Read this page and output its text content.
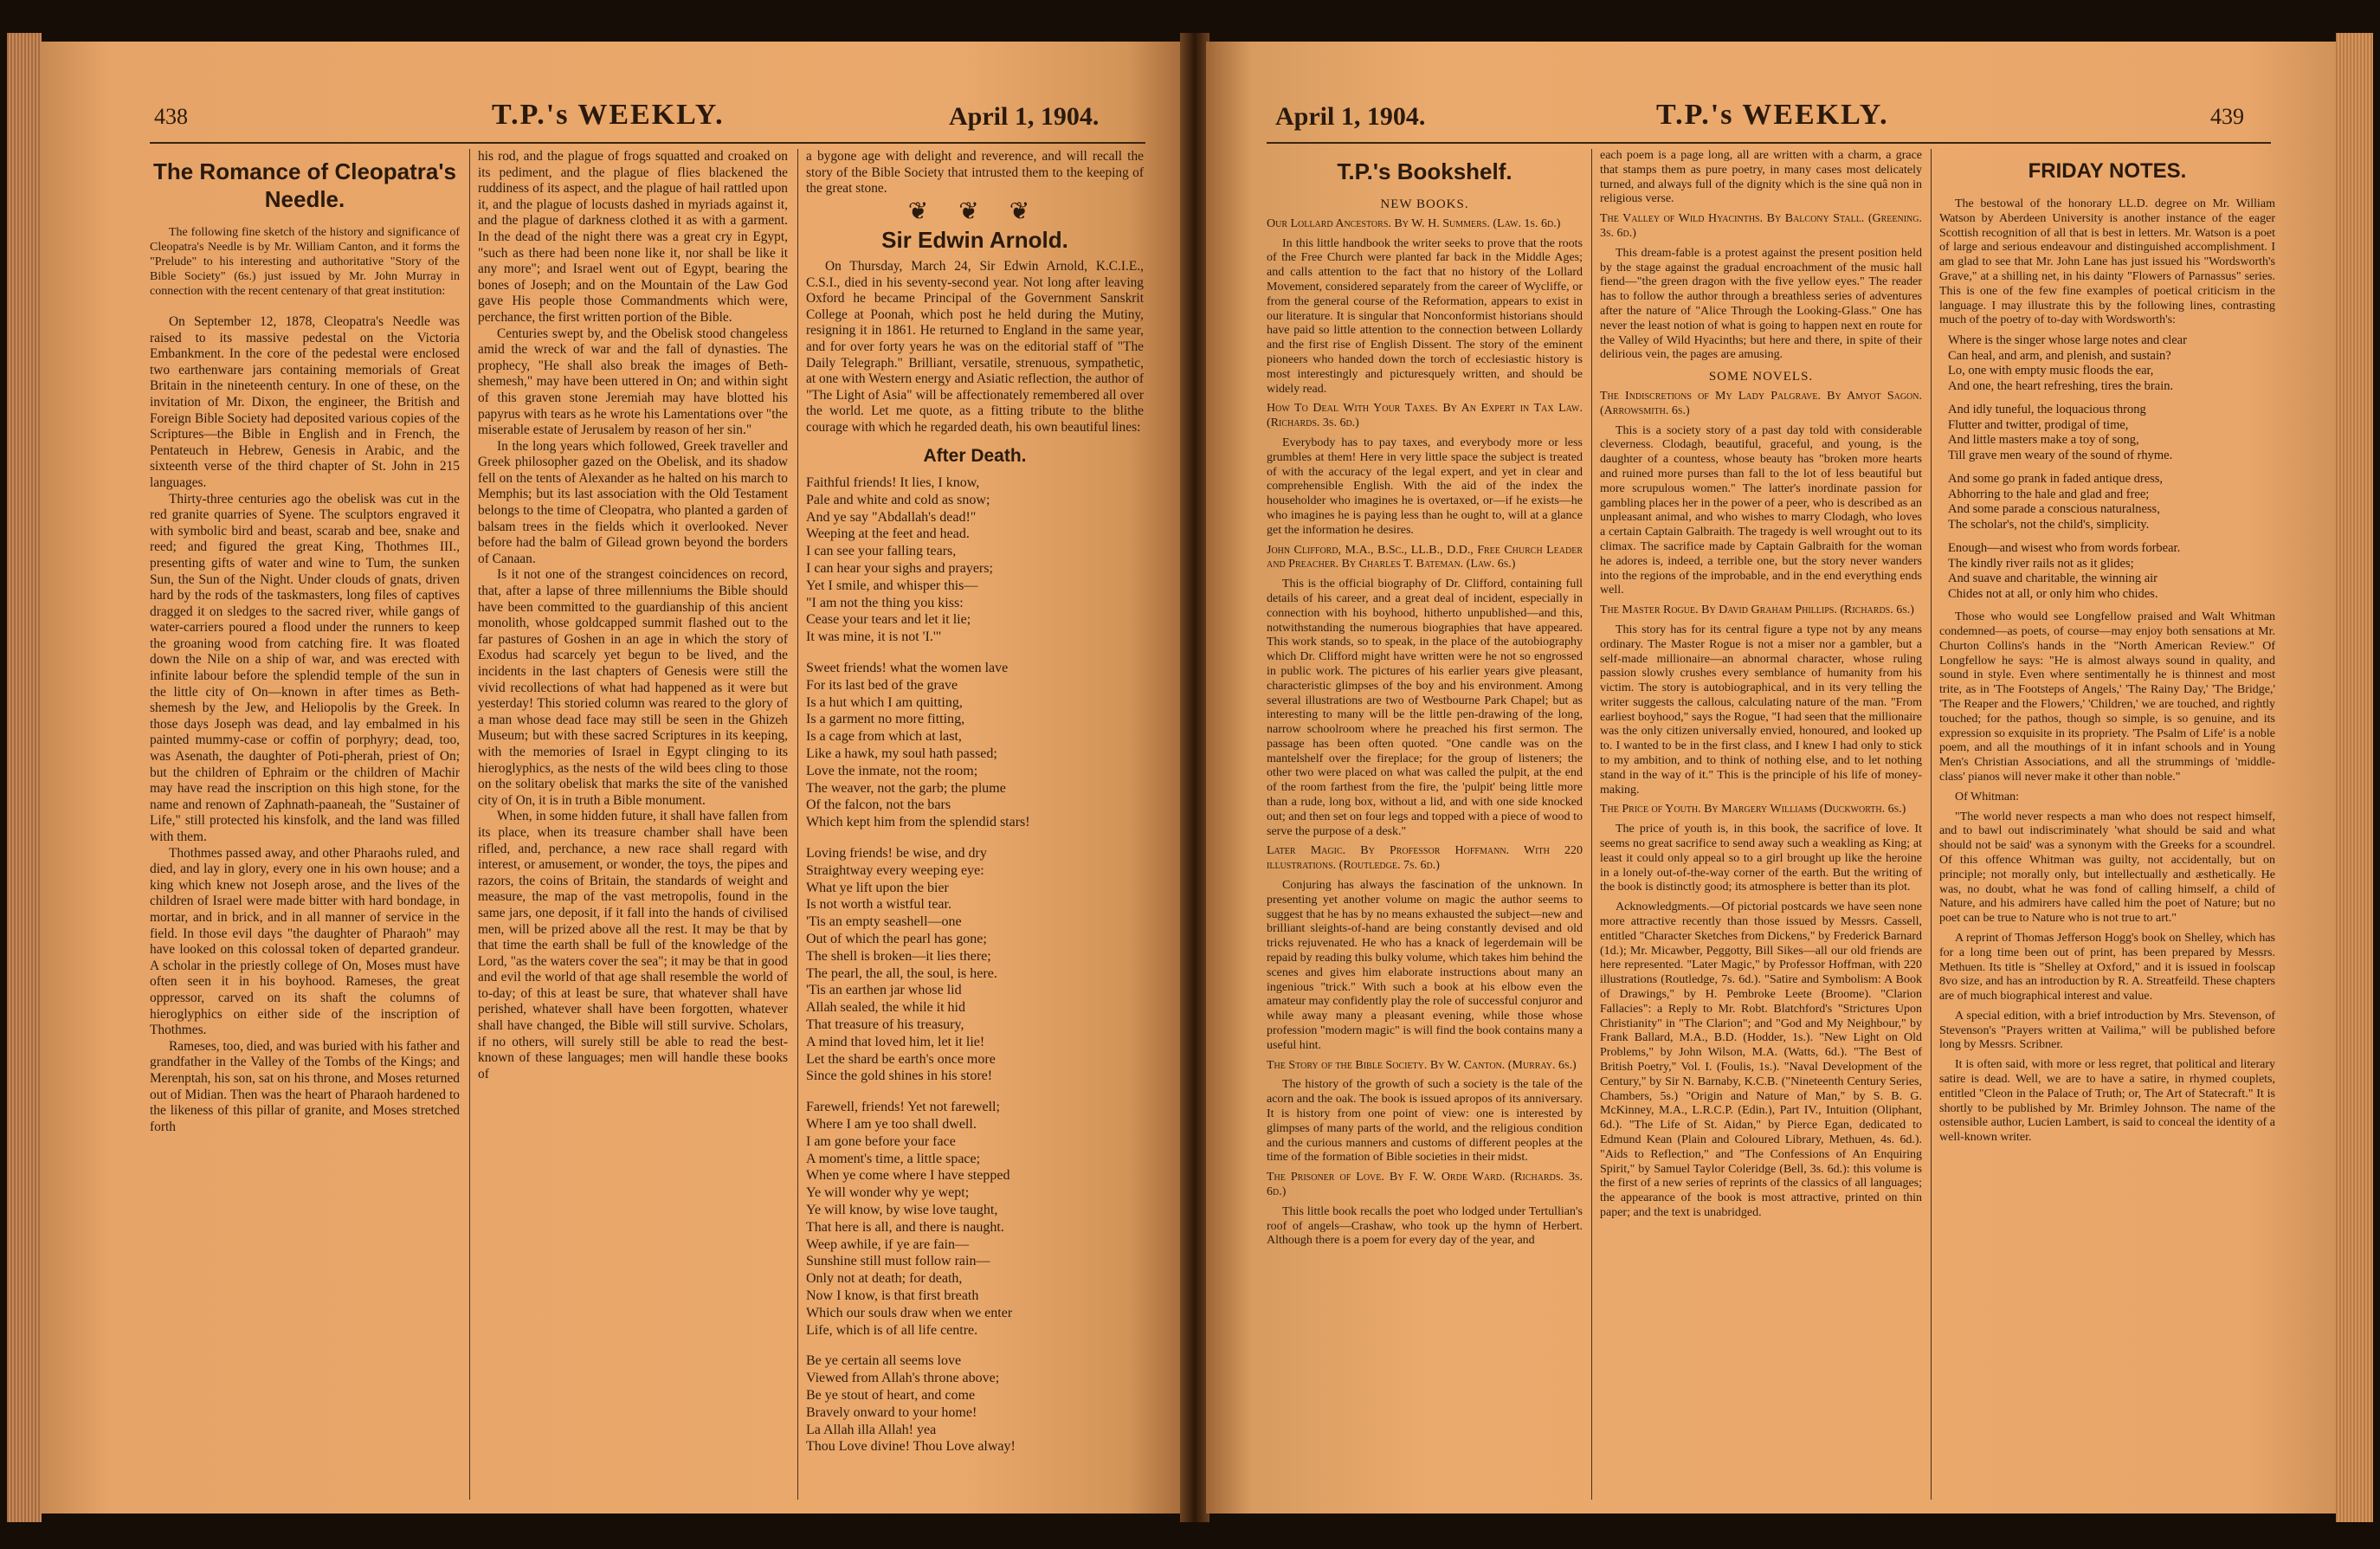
438	T.P.'s WEEKLY.	April 1, 1904.
The Romance of Cleopatra's Needle.

The following fine sketch of the history and significance of Cleopatra's Needle is by Mr. William Canton, and it forms the "Prelude" to his interesting and authoritative "Story of the Bible Society" (6s.) just issued by Mr. John Murray in connection with the recent centenary of that great institution:

On September 12, 1878, Cleopatra's Needle was raised to its massive pedestal on the Victoria Embankment. In the core of the pedestal were enclosed two earthenware jars containing memorials of Great Britain in the nineteenth century. In one of these, on the invitation of Mr. Dixon, the engineer, the British and Foreign Bible Society had deposited various copies of the Scriptures—the Bible in English and in French, the Pentateuch in Hebrew, Genesis in Arabic, and the sixteenth verse of the third chapter of St. John in 215 languages.

Thirty-three centuries ago the obelisk was cut in the red granite quarries of Syene. The sculptors engraved it with symbolic bird and beast, scarab and bee, snake and reed; and figured the great King, Thothmes III., presenting gifts of water and wine to Tum, the sunken Sun, the Sun of the Night. Under clouds of gnats, driven hard by the rods of the taskmasters, long files of captives dragged it on sledges to the sacred river, while gangs of water-carriers poured a flood under the runners to keep the groaning wood from catching fire. It was floated down the Nile on a ship of war, and was erected with infinite labour before the splendid temple of the sun in the little city of On—known in after times as Beth-shemesh by the Jew, and Heliopolis by the Greek. In those days Joseph was dead, and lay embalmed in his painted mummy-case or coffin of porphyry; dead, too, was Asenath, the daughter of Poti-pherah, priest of On; but the children of Ephraim or the children of Machir may have read the inscription on this high stone, for the name and renown of Zaphnath-paaneah, the "Sustainer of Life," still protected his kinsfolk, and the land was filled with them.

Thothmes passed away, and other Pharaohs ruled, and died, and lay in glory, every one in his own house; and a king which knew not Joseph arose, and the lives of the children of Israel were made bitter with hard bondage, in mortar, and in brick, and in all manner of service in the field. In those evil days "the daughter of Pharaoh" may have looked on this colossal token of departed grandeur. A scholar in the priestly college of On, Moses must have often seen it in his boyhood. Rameses, the great oppressor, carved on its shaft the columns of hieroglyphics on either side of the inscription of Thothmes.

Rameses, too, died, and was buried with his father and grandfather in the Valley of the Tombs of the Kings; and Merenptah, his son, sat on his throne, and Moses returned out of Midian. Then was the heart of Pharaoh hardened to the likeness of this pillar of granite, and Moses stretched forth

his rod, and the plague of frogs squatted and croaked on its pediment, and the plague of flies blackened the ruddiness of its aspect, and the plague of hail rattled upon it, and the plague of locusts dashed in myriads against it, and the plague of darkness clothed it as with a garment. In the dead of the night there was a great cry in Egypt, "such as there had been none like it, nor shall be like it any more"; and Israel went out of Egypt, bearing the bones of Joseph; and on the Mountain of the Law God gave His people those Commandments which were, perchance, the first written portion of the Bible.

Centuries swept by, and the Obelisk stood changeless amid the wreck of war and the fall of dynasties. The prophecy, "He shall also break the images of Beth-shemesh," may have been uttered in On; and within sight of this graven stone Jeremiah may have blotted his papyrus with tears as he wrote his Lamentations over "the miserable estate of Jerusalem by reason of her sin."

In the long years which followed, Greek traveller and Greek philosopher gazed on the Obelisk, and its shadow fell on the tents of Alexander as he halted on his march to Memphis; but its last association with the Old Testament belongs to the time of Cleopatra, who planted a garden of balsam trees in the fields which it overlooked. Never before had the balm of Gilead grown beyond the borders of Canaan.

Is it not one of the strangest coincidences on record, that, after a lapse of three millenniums the Bible should have been committed to the guardianship of this ancient monolith, whose goldcapped summit flashed out to the far pastures of Goshen in an age in which the story of Exodus had scarcely yet begun to be lived, and the incidents in the last chapters of Genesis were still the vivid recollections of what had happened as it were but yesterday! This storied column was reared to the glory of a man whose dead face may still be seen in the Ghizeh Museum; but with these sacred Scriptures in its keeping, with the memories of Israel in Egypt clinging to its hieroglyphics, as the nests of the wild bees cling to those on the solitary obelisk that marks the site of the vanished city of On, it is in truth a Bible monument.

When, in some hidden future, it shall have fallen from its place, when its treasure chamber shall have been rifled, and, perchance, a new race shall regard with interest, or amusement, or wonder, the toys, the pipes and razors, the coins of Britain, the standards of weight and measure, the map of the vast metropolis, found in the same jars, one deposit, if it fall into the hands of civilised men, will be prized above all the rest. It may be that by that time the earth shall be full of the knowledge of the Lord, "as the waters cover the sea"; it may be that in good and evil the world of that age shall resemble the world of to-day; of this at least be sure, that whatever shall have perished, whatever shall have been forgotten, whatever shall have changed, the Bible will still survive. Scholars, if no others, will surely still be able to read the best-known of these languages; men will handle these books of

a bygone age with delight and reverence, and will recall the story of the Bible Society that intrusted them to the keeping of the great stone.

❦ ❦ ❦
Sir Edwin Arnold.

On Thursday, March 24, Sir Edwin Arnold, K.C.I.E., C.S.I., died in his seventy-second year. Not long after leaving Oxford he became Principal of the Government Sanskrit College at Poonah, which post he held during the Mutiny, resigning it in 1861. He returned to England in the same year, and for over forty years he was on the editorial staff of "The Daily Telegraph." Brilliant, versatile, strenuous, sympathetic, at one with Western energy and Asiatic reflection, the author of "The Light of Asia" will be affectionately remembered all over the world. Let me quote, as a fitting tribute to the blithe courage with which he regarded death, his own beautiful lines:

After Death.
Faithful friends! It lies, I know,
Pale and white and cold as snow;
And ye say "Abdallah's dead!"
Weeping at the feet and head.
I can see your falling tears,
I can hear your sighs and prayers;
Yet I smile, and whisper this—
"I am not the thing you kiss:
Cease your tears and let it lie;
It was mine, it is not 'I.'"
Sweet friends! what the women lave
For its last bed of the grave
Is a hut which I am quitting,
Is a garment no more fitting,
Is a cage from which at last,
Like a hawk, my soul hath passed;
Love the inmate, not the room;
The weaver, not the garb; the plume
Of the falcon, not the bars
Which kept him from the splendid stars!
Loving friends! be wise, and dry
Straightway every weeping eye:
What ye lift upon the bier
Is not worth a wistful tear.
'Tis an empty seashell—one
Out of which the pearl has gone;
The shell is broken—it lies there;
The pearl, the all, the soul, is here.
'Tis an earthen jar whose lid
Allah sealed, the while it hid
That treasure of his treasury,
A mind that loved him, let it lie!
Let the shard be earth's once more
Since the gold shines in his store!
Farewell, friends! Yet not farewell;
Where I am ye too shall dwell.
I am gone before your face
A moment's time, a little space;
When ye come where I have stepped
Ye will wonder why ye wept;
Ye will know, by wise love taught,
That here is all, and there is naught.
Weep awhile, if ye are fain—
Sunshine still must follow rain—
Only not at death; for death,
Now I know, is that first breath
Which our souls draw when we enter
Life, which is of all life centre.
Be ye certain all seems love
Viewed from Allah's throne above;
Be ye stout of heart, and come
Bravely onward to your home!
La Allah illa Allah! yea
Thou Love divine! Thou Love alway!
April 1, 1904.	T.P.'s WEEKLY.	439
T.P.'s Bookshelf.
NEW BOOKS.

Our Lollard Ancestors. By W. H. Summers. (Law. 1s. 6d.)

In this little handbook the writer seeks to prove that the roots of the Free Church were planted far back in the Middle Ages; and calls attention to the fact that no history of the Lollard Movement, considered separately from the career of Wycliffe, or from the general course of the Reformation, appears to exist in our literature. It is singular that Nonconformist historians should have paid so little attention to the connection between Lollardy and the first rise of English Dissent. The story of the eminent pioneers who handed down the torch of ecclesiastic history is most interestingly and picturesquely written, and should be widely read.

How To Deal With Your Taxes. By An Expert in Tax Law. (Richards. 3s. 6d.)

Everybody has to pay taxes, and everybody more or less grumbles at them! Here in very little space the subject is treated of with the accuracy of the legal expert, and yet in clear and comprehensible English. With the aid of the index the householder who imagines he is overtaxed, or—if he exists—he who imagines he is paying less than he ought to, will at a glance get the information he desires.

John Clifford, M.A., B.Sc., LL.B., D.D., Free Church Leader and Preacher. By Charles T. Bateman. (Law. 6s.)

This is the official biography of Dr. Clifford, containing full details of his career, and a great deal of incident, especially in connection with his boyhood, hitherto unpublished—and this, notwithstanding the numerous biographies that have appeared. This work stands, so to speak, in the place of the autobiography which Dr. Clifford might have written were he not so engrossed in public work. The pictures of his earlier years give pleasant, characteristic glimpses of the boy and his environment. Among several illustrations are two of Westbourne Park Chapel; but as interesting to many will be the little pen-drawing of the long, narrow schoolroom where he preached his first sermon. The passage has been often quoted. "One candle was on the mantelshelf over the fireplace; for the group of listeners; the other two were placed on what was called the pulpit, at the end of the room farthest from the fire, the 'pulpit' being little more than a rude, long box, without a lid, and with one side knocked out; and then set on four legs and topped with a piece of wood to serve the purpose of a desk."

Later Magic. By Professor Hoffmann. With 220 illustrations. (Routledge. 7s. 6d.)

Conjuring has always the fascination of the unknown. In presenting yet another volume on magic the author seems to suggest that he has by no means exhausted the subject—new and brilliant sleights-of-hand are being constantly devised and old tricks rejuvenated. He who has a knack of legerdemain will be repaid by reading this bulky volume, which takes him behind the scenes and gives him elaborate instructions about many an ingenious "trick." With such a book at his elbow even the amateur may confidently play the role of successful conjuror and while away many a pleasant evening, while those whose profession "modern magic" is will find the book contains many a useful hint.

The Story of the Bible Society. By W. Canton. (Murray. 6s.)

The history of the growth of such a society is the tale of the acorn and the oak. The book is issued apropos of its anniversary. It is history from one point of view: one is interested by glimpses of many parts of the world, and the religious condition and the curious manners and customs of different peoples at the time of the formation of Bible societies in their midst.

The Prisoner of Love. By F. W. Orde Ward. (Richards. 3s. 6d.)

This little book recalls the poet who lodged under Tertullian's roof of angels—Crashaw, who took up the hymn of Herbert. Although there is a poem for every day of the year, and

each poem is a page long, all are written with a charm, a grace that stamps them as pure poetry, in many cases most delicately turned, and always full of the dignity which is the sine quâ non in religious verse.

The Valley of Wild Hyacinths. By Balcony Stall. (Greening. 3s. 6d.)

This dream-fable is a protest against the present position held by the stage against the gradual encroachment of the music hall fiend—"the green dragon with the five yellow eyes." The reader has to follow the author through a breathless series of adventures after the nature of "Alice Through the Looking-Glass." One has never the least notion of what is going to happen next en route for the Valley of Wild Hyacinths; but here and there, in spite of their delirious vein, the pages are amusing.

SOME NOVELS.

The Indiscretions of My Lady Palgrave. By Amyot Sagon. (Arrowsmith. 6s.)

This is a society story of a past day told with considerable cleverness. Clodagh, beautiful, graceful, and young, is the daughter of a countess, whose beauty has "broken more hearts and ruined more purses than fall to the lot of less beautiful but more scrupulous women." The latter's inordinate passion for gambling places her in the power of a peer, who is described as an unpleasant animal, and who wishes to marry Clodagh, who loves a certain Captain Galbraith. The tragedy is well wrought out to its climax. The sacrifice made by Captain Galbraith for the woman he adores is, indeed, a terrible one, but the story never wanders into the regions of the improbable, and in the end everything ends well.

The Master Rogue. By David Graham Phillips. (Richards. 6s.)

This story has for its central figure a type not by any means ordinary. The Master Rogue is not a miser nor a gambler, but a self-made millionaire—an abnormal character, whose ruling passion slowly crushes every semblance of humanity from his victim. The story is autobiographical, and in its very telling the writer suggests the callous, calculating nature of the man. "From earliest boyhood," says the Rogue, "I had seen that the millionaire was the only citizen universally envied, honoured, and looked up to. I wanted to be in the first class, and I knew I had only to stick to my ambition, and to think of nothing else, and to let nothing stand in the way of it." This is the principle of his life of money-making.

The Price of Youth. By Margery Williams (Duckworth. 6s.)

The price of youth is, in this book, the sacrifice of love. It seems no great sacrifice to send away such a weakling as King; at least it could only appeal so to a girl brought up like the heroine in a lonely out-of-the-way corner of the earth. But the writing of the book is distinctly good; its atmosphere is better than its plot.

Acknowledgments.—Of pictorial postcards we have seen none more attractive recently than those issued by Messrs. Cassell, entitled "Character Sketches from Dickens," by Frederick Barnard (1d.); Mr. Micawber, Peggotty, Bill Sikes—all our old friends are here represented. "Later Magic," by Professor Hoffman, with 220 illustrations (Routledge, 7s. 6d.). "Satire and Symbolism: A Book of Drawings," by H. Pembroke Leete (Broome). "Clarion Fallacies": a Reply to Mr. Robt. Blatchford's "Strictures Upon Christianity" in "The Clarion"; and "God and My Neighbour," by Frank Ballard, M.A., B.D. (Hodder, 1s.). "New Light on Old Problems," by John Wilson, M.A. (Watts, 6d.). "The Best of British Poetry," Vol. I. (Foulis, 1s.). "Naval Development of the Century," by Sir N. Barnaby, K.C.B. ("Nineteenth Century Series, Chambers, 5s.) "Origin and Nature of Man," by S. B. G. McKinney, M.A., L.R.C.P. (Edin.), Part IV., Intuition (Oliphant, 6d.). "The Life of St. Aidan," by Pierce Egan, dedicated to Edmund Kean (Plain and Coloured Library, Methuen, 4s. 6d.). "Aids to Reflection," and "The Confessions of An Enquiring Spirit," by Samuel Taylor Coleridge (Bell, 3s. 6d.): this volume is the first of a new series of reprints of the classics of all languages; the appearance of the book is most attractive, printed on thin paper; and the text is unabridged.

FRIDAY NOTES.

The bestowal of the honorary LL.D. degree on Mr. William Watson by Aberdeen University is another instance of the eager Scottish recognition of all that is best in letters. Mr. Watson is a poet of large and serious endeavour and distinguished accomplishment. I am glad to see that Mr. John Lane has just issued his "Wordsworth's Grave," at a shilling net, in his dainty "Flowers of Parnassus" series. This is one of the few fine examples of poetical criticism in the language. I may illustrate this by the following lines, contrasting much of the poetry of to-day with Wordsworth's:

Where is the singer whose large notes and clear
Can heal, and arm, and plenish, and sustain?
Lo, one with empty music floods the ear,
And one, the heart refreshing, tires the brain.
And idly tuneful, the loquacious throng
Flutter and twitter, prodigal of time,
And little masters make a toy of song,
Till grave men weary of the sound of rhyme.
And some go prank in faded antique dress,
Abhorring to the hale and glad and free;
And some parade a conscious naturalness,
The scholar's, not the child's, simplicity.
Enough—and wisest who from words forbear.
The kindly river rails not as it glides;
And suave and charitable, the winning air
Chides not at all, or only him who chides.

Those who would see Longfellow praised and Walt Whitman condemned—as poets, of course—may enjoy both sensations at Mr. Churton Collins's hands in the "North American Review." Of Longfellow he says: "He is almost always sound in quality, and sound in style. Even where sentimentally he is thinnest and most trite, as in 'The Footsteps of Angels,' 'The Rainy Day,' 'The Bridge,' 'The Reaper and the Flowers,' 'Children,' we are touched, and rightly touched; for the pathos, though so simple, is so genuine, and its expression so exquisite in its propriety. 'The Psalm of Life' is a noble poem, and all the mouthings of it in infant schools and in Young Men's Christian Associations, and all the strummings of 'middle-class' pianos will never make it other than noble."

Of Whitman:

"The world never respects a man who does not respect himself, and to bawl out indiscriminately 'what should be said and what should not be said' was a synonym with the Greeks for a scoundrel. Of this offence Whitman was guilty, not accidentally, but on principle; not morally only, but intellectually and æsthetically. He was, no doubt, what he was fond of calling himself, a child of Nature, and his admirers have called him the poet of Nature; but no poet can be true to Nature who is not true to art."

A reprint of Thomas Jefferson Hogg's book on Shelley, which has for a long time been out of print, has been prepared by Messrs. Methuen. Its title is "Shelley at Oxford," and it is issued in foolscap 8vo size, and has an introduction by R. A. Streatfeild. These chapters are of much biographical interest and value.

A special edition, with a brief introduction by Mrs. Stevenson, of Stevenson's "Prayers written at Vailima," will be published before long by Messrs. Scribner.

It is often said, with more or less regret, that political and literary satire is dead. Well, we are to have a satire, in rhymed couplets, entitled "Cleon in the Palace of Truth; or, The Art of Statecraft." It is shortly to be published by Mr. Brimley Johnson. The name of the ostensible author, Lucien Lambert, is said to conceal the identity of a well-known writer.
